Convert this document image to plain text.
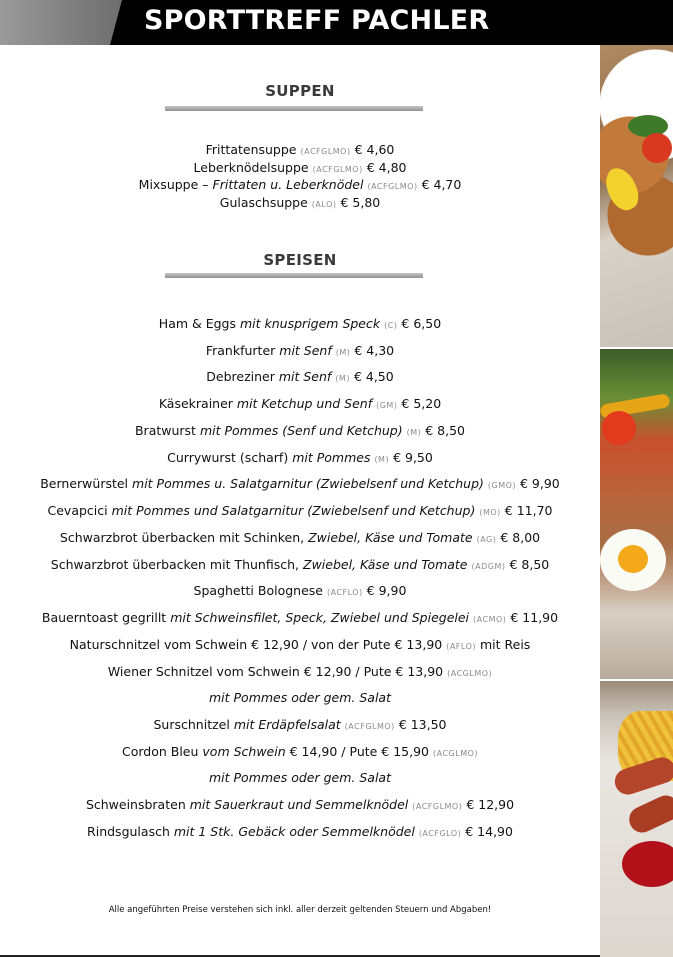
SPORTTREFF PACHLER
SUPPEN
Frittatensuppe (ACFGLMO) € 4,60
Leberknödelsuppe (ACFGLMO) € 4,80
Mixsuppe – Frittaten u. Leberknödel (ACFGLMO) € 4,70
Gulaschsuppe (ALO) € 5,80
SPEISEN
Ham & Eggs mit knusprigem Speck (C) € 6,50
Frankfurter mit Senf (M) € 4,30
Debreziner mit Senf (M) € 4,50
Käsekrainer mit Ketchup und Senf (GM) € 5,20
Bratwurst mit Pommes (Senf und Ketchup) (M) € 8,50
Currywurst (scharf) mit Pommes (M) € 9,50
Bernerwürstel mit Pommes u. Salatgarnitur (Zwiebelsenf und Ketchup) (GMO) € 9,90
Cevapcici mit Pommes und Salatgarnitur (Zwiebelsenf und Ketchup) (MO) € 11,70
Schwarzbrot überbacken mit Schinken, Zwiebel, Käse und Tomate (AG) € 8,00
Schwarzbrot überbacken mit Thunfisch, Zwiebel, Käse und Tomate (ADGM) € 8,50
Spaghetti Bolognese (ACFLO) € 9,90
Bauerntoast gegrillt mit Schweinsfilet, Speck, Zwiebel und Spiegelei (ACMO) € 11,90
Naturschnitzel vom Schwein € 12,90 / von der Pute € 13,90 (AFLO) mit Reis
Wiener Schnitzel vom Schwein € 12,90 / Pute € 13,90 (ACGLMO)
mit Pommes oder gem. Salat
Surschnitzel mit Erdäpfelsalat (ACFGLMO) € 13,50
Cordon Bleu vom Schwein € 14,90 / Pute € 15,90 (ACGLMO)
mit Pommes oder gem. Salat
Schweinsbraten mit Sauerkraut und Semmelknödel (ACFGLMO) € 12,90
Rindsgulasch mit 1 Stk. Gebäck oder Semmelknödel (ACFGLO) € 14,90
Alle angeführten Preise verstehen sich inkl. aller derzeit geltenden Steuern und Abgaben!
